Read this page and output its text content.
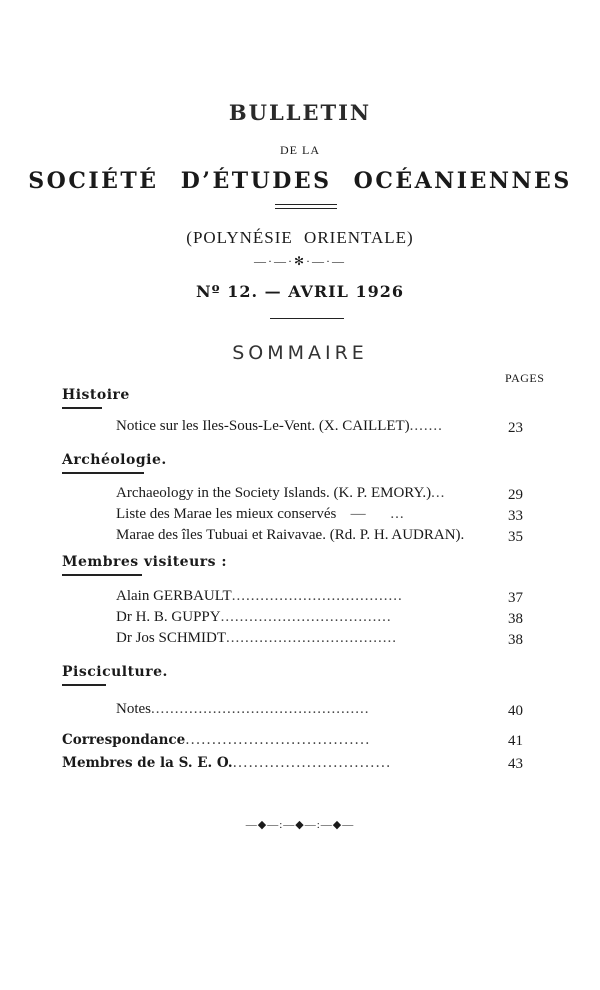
BULLETIN
DE LA
SOCIÉTÉ D’ÉTUDES OCÉANIENNES
(POLYNÉSIE ORIENTALE)
—·—·✻·—·—
Nº 12. — AVRIL 1926
SOMMAIRE
PAGES
Histoire
Notice sur les Iles-Sous-Le-Vent. (X. CAILLET).......	23
Archéologie.
Archaeology in the Society Islands. (K. P. EMORY.)...	29
Liste des Marae les mieux conservés   —     ...	33
Marae des îles Tubuai et Raivavae. (Rd. P. H. AUDRAN).	35
Membres visiteurs :
Alain GERBAULT....................................	37
Dr H. B. GUPPY....................................	38
Dr Jos SCHMIDT....................................	38
Pisciculture.
Notes..............................................	40
Correspondance...................................	41
Membres de la S. E. O...............................	43
—◆—:—◆—:—◆—
